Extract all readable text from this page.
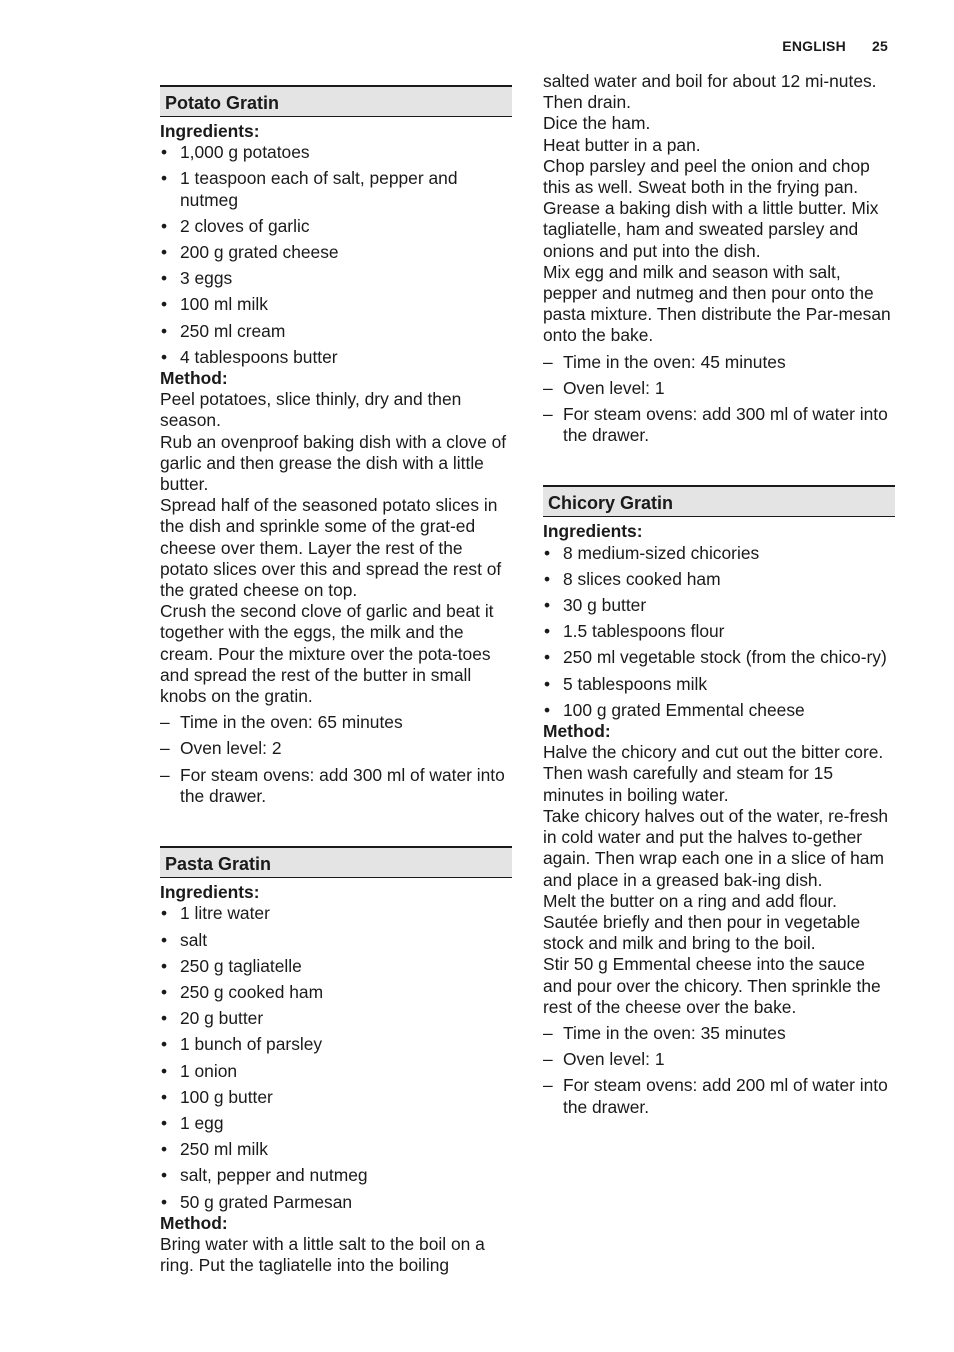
ENGLISH 25
Potato Gratin

Ingredients:

• 1,000 g potatoes
• 1 teaspoon each of salt, pepper and nutmeg
• 2 cloves of garlic
• 200 g grated cheese
• 3 eggs
• 100 ml milk
• 250 ml cream
• 4 tablespoons butter

Method:

Peel potatoes, slice thinly, dry and then season.

Rub an ovenproof baking dish with a clove of garlic and then grease the dish with a little butter.

Spread half of the seasoned potato slices in the dish and sprinkle some of the grat-ed cheese over them. Layer the rest of the potato slices over this and spread the rest of the grated cheese on top.

Crush the second clove of garlic and beat it together with the eggs, the milk and the cream. Pour the mixture over the pota-toes and spread the rest of the butter in small knobs on the gratin.

– Time in the oven: 65 minutes
– Oven level: 2
– For steam ovens: add 300 ml of water into the drawer.
Pasta Gratin

Ingredients:

• 1 litre water
• salt
• 250 g tagliatelle
• 250 g cooked ham
• 20 g butter
• 1 bunch of parsley
• 1 onion
• 100 g butter
• 1 egg
• 250 ml milk
• salt, pepper and nutmeg
• 50 g grated Parmesan

Method:

Bring water with a little salt to the boil on a ring. Put the tagliatelle into the boiling

salted water and boil for about 12 mi-nutes. Then drain.

Dice the ham.

Heat butter in a pan.

Chop parsley and peel the onion and chop this as well. Sweat both in the frying pan.

Grease a baking dish with a little butter. Mix tagliatelle, ham and sweated parsley and onions and put into the dish.

Mix egg and milk and season with salt, pepper and nutmeg and then pour onto the pasta mixture. Then distribute the Par-mesan onto the bake.

– Time in the oven: 45 minutes
– Oven level: 1
– For steam ovens: add 300 ml of water into the drawer.
Chicory Gratin

Ingredients:

• 8 medium-sized chicories
• 8 slices cooked ham
• 30 g butter
• 1.5 tablespoons flour
• 250 ml vegetable stock (from the chico-ry)
• 5 tablespoons milk
• 100 g grated Emmental cheese

Method:

Halve the chicory and cut out the bitter core. Then wash carefully and steam for 15 minutes in boiling water.

Take chicory halves out of the water, re-fresh in cold water and put the halves to-gether again. Then wrap each one in a slice of ham and place in a greased bak-ing dish.

Melt the butter on a ring and add flour. Sautée briefly and then pour in vegetable stock and milk and bring to the boil.

Stir 50 g Emmental cheese into the sauce and pour over the chicory. Then sprinkle the rest of the cheese over the bake.

– Time in the oven: 35 minutes
– Oven level: 1
– For steam ovens: add 200 ml of water into the drawer.
